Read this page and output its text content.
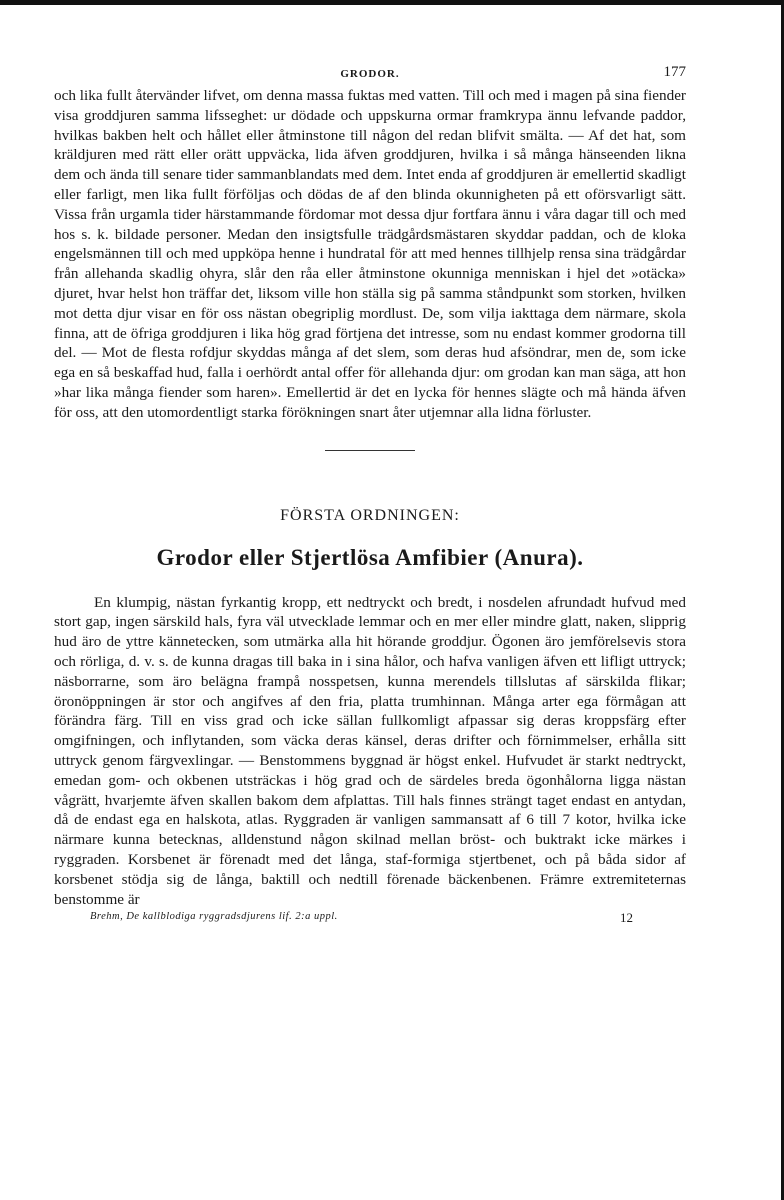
GRODOR.	177

och lika fullt återvänder lifvet, om denna massa fuktas med vatten. Till och med i magen på sina fiender visa groddjuren samma lifsseghet: ur dödade och uppskurna ormar framkrypa ännu lefvande paddor, hvilkas bakben helt och hållet eller åtminstone till någon del redan blifvit smälta. — Af det hat, som kräldjuren med rätt eller orätt uppväcka, lida äfven groddjuren, hvilka i så många hänseenden likna dem och ända till senare tider sammanblandats med dem. Intet enda af groddjuren är emellertid skadligt eller farligt, men lika fullt förföljas och dödas de af den blinda okunnigheten på ett oförsvarligt sätt. Vissa från urgamla tider härstammande fördomar mot dessa djur fortfara ännu i våra dagar till och med hos s. k. bildade personer. Medan den insigtsfulle trädgårdsmästaren skyddar paddan, och de kloka engelsmännen till och med uppköpa henne i hundratal för att med hennes tillhjelp rensa sina trädgårdar från allehanda skadlig ohyra, slår den råa eller åtminstone okunniga menniskan i hjel det »otäcka» djuret, hvar helst hon träffar det, liksom ville hon ställa sig på samma ståndpunkt som storken, hvilken mot detta djur visar en för oss nästan obegriplig mordlust. De, som vilja iakttaga dem närmare, skola finna, att de öfriga groddjuren i lika hög grad förtjena det intresse, som nu endast kommer grodorna till del. — Mot de flesta rofdjur skyddas många af det slem, som deras hud afsöndrar, men de, som icke ega en så beskaffad hud, falla i oerhördt antal offer för allehanda djur: om grodan kan man säga, att hon »har lika många fiender som haren». Emellertid är det en lycka för hennes slägte och må hända äfven för oss, att den utomordentligt starka förökningen snart åter utjemnar alla lidna förluster.

FÖRSTA ORDNINGEN:
Grodor eller Stjertlösa Amfibier (Anura).

En klumpig, nästan fyrkantig kropp, ett nedtryckt och bredt, i nosdelen afrundadt hufvud med stort gap, ingen särskild hals, fyra väl utvecklade lemmar och en mer eller mindre glatt, naken, slipprig hud äro de yttre kännetecken, som utmärka alla hit hörande groddjur. Ögonen äro jemförelsevis stora och rörliga, d. v. s. de kunna dragas till baka in i sina hålor, och hafva vanligen äfven ett lifligt uttryck; näsborrarne, som äro belägna frampå nosspetsen, kunna merendels tillslutas af särskilda flikar; öronöppningen är stor och angifves af den fria, platta trumhinnan. Många arter ega förmågan att förändra färg. Till en viss grad och icke sällan fullkomligt afpassar sig deras kroppsfärg efter omgifningen, och inflytanden, som väcka deras känsel, deras drifter och förnimmelser, erhålla sitt uttryck genom färgvexlingar. — Benstommens byggnad är högst enkel. Hufvudet är starkt nedtryckt, emedan gom- och okbenen utsträckas i hög grad och de särdeles breda ögonhålorna ligga nästan vågrätt, hvarjemte äfven skallen bakom dem afplattas. Till hals finnes strängt taget endast en antydan, då de endast ega en halskota, atlas. Ryggraden är vanligen sammansatt af 6 till 7 kotor, hvilka icke närmare kunna betecknas, alldenstund någon skilnad mellan bröst- och buktrakt icke märkes i ryggraden. Korsbenet är förenadt med det långa, staf-formiga stjertbenet, och på båda sidor af korsbenet stödja sig de långa, baktill och nedtill förenade bäckenbenen. Främre extremiteternas benstomme är

Brehm, De kallblodiga ryggradsdjurens lif. 2:a uppl.	12
